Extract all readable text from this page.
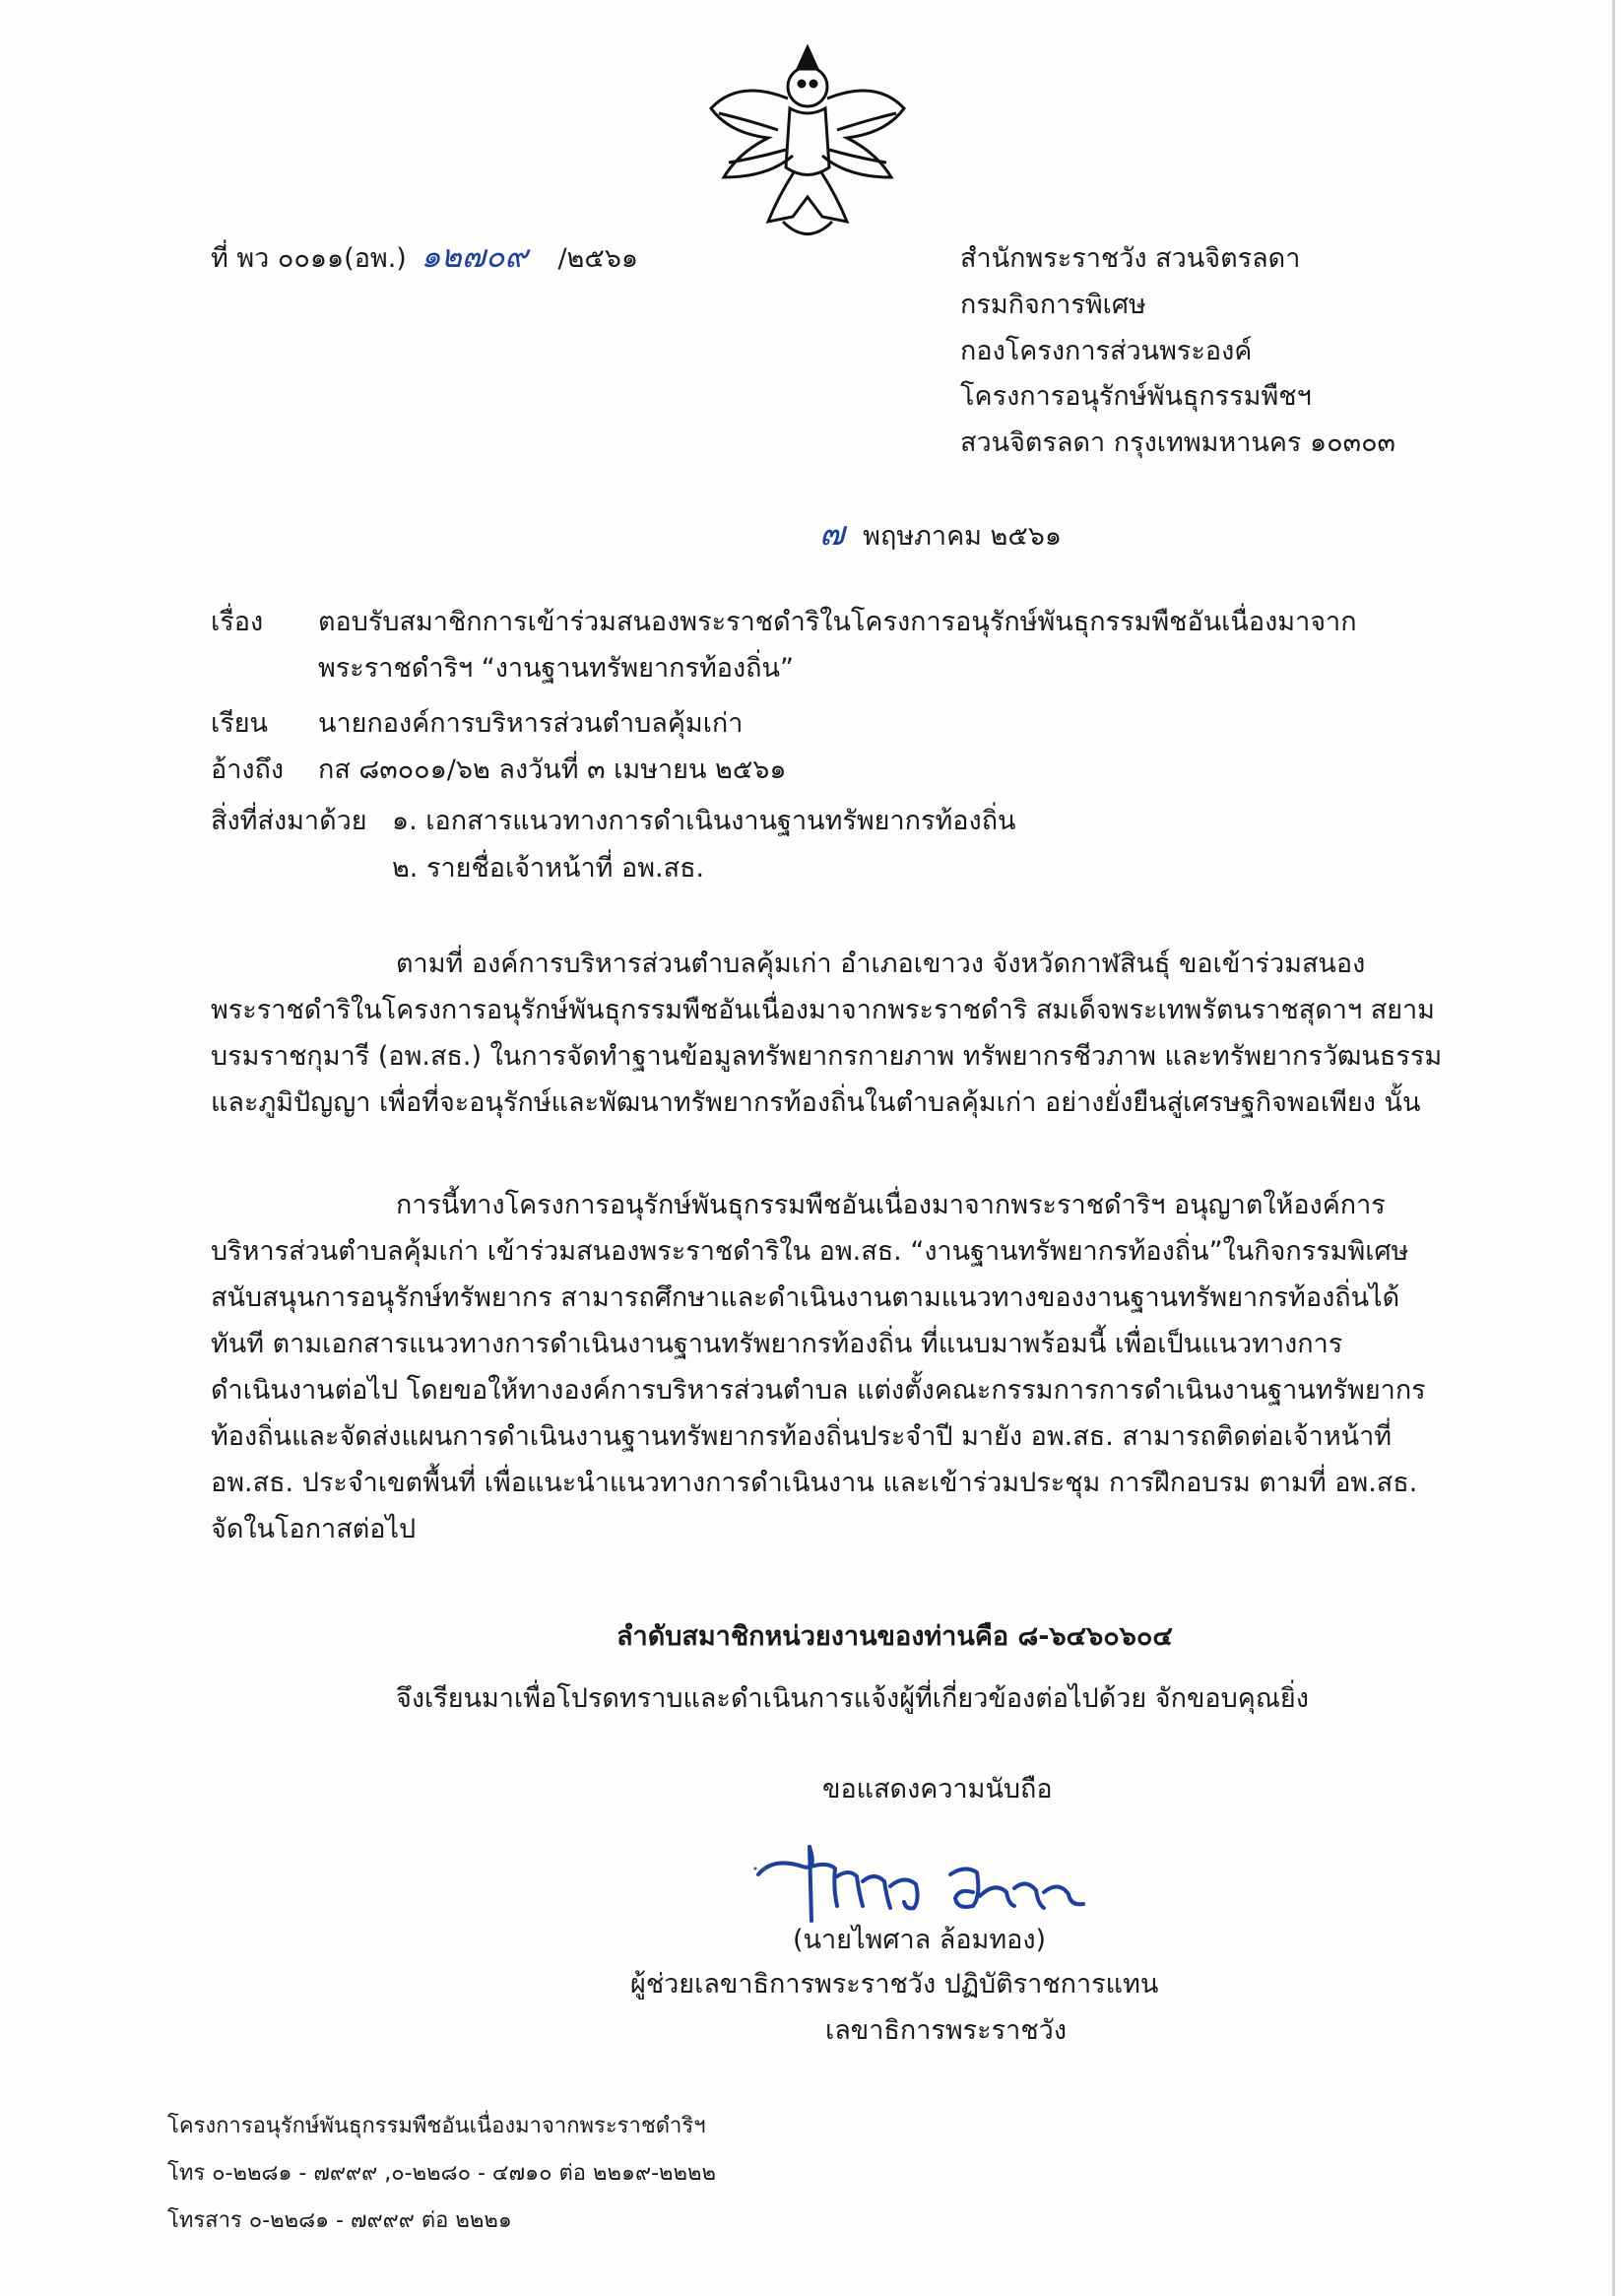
ที่ พว ๐๐๑๑(อพ.) ๑๒๗๐๙ /๒๕๖๑	สำนักพระราชวัง สวนจิตรลดา
กรมกิจการพิเศษ
กองโครงการส่วนพระองค์
โครงการอนุรักษ์พันธุกรรมพืชฯ
สวนจิตรลดา กรุงเทพมหานคร ๑๐๓๐๓
๗ พฤษภาคม ๒๕๖๑
เรื่อง ตอบรับสมาชิกการเข้าร่วมสนองพระราชดำริในโครงการอนุรักษ์พันธุกรรมพืชอันเนื่องมาจาก
พระราชดำริฯ “งานฐานทรัพยากรท้องถิ่น”
เรียน นายกองค์การบริหารส่วนตำบลคุ้มเก่า
อ้างถึง กส ๘๓๐๐๑/๖๒ ลงวันที่ ๓ เมษายน ๒๕๖๑
สิ่งที่ส่งมาด้วย ๑. เอกสารแนวทางการดำเนินงานฐานทรัพยากรท้องถิ่น
๒. รายชื่อเจ้าหน้าที่ อพ.สธ.
ตามที่ องค์การบริหารส่วนตำบลคุ้มเก่า อำเภอเขาวง จังหวัดกาฬสินธุ์ ขอเข้าร่วมสนอง
พระราชดำริในโครงการอนุรักษ์พันธุกรรมพืชอันเนื่องมาจากพระราชดำริ สมเด็จพระเทพรัตนราชสุดาฯ สยาม
บรมราชกุมารี (อพ.สธ.) ในการจัดทำฐานข้อมูลทรัพยากรกายภาพ ทรัพยากรชีวภาพ และทรัพยากรวัฒนธรรม
และภูมิปัญญา เพื่อที่จะอนุรักษ์และพัฒนาทรัพยากรท้องถิ่นในตำบลคุ้มเก่า อย่างยั่งยืนสู่เศรษฐกิจพอเพียง นั้น
การนี้ทางโครงการอนุรักษ์พันธุกรรมพืชอันเนื่องมาจากพระราชดำริฯ อนุญาตให้องค์การ
บริหารส่วนตำบลคุ้มเก่า เข้าร่วมสนองพระราชดำริใน อพ.สธ. “งานฐานทรัพยากรท้องถิ่น”ในกิจกรรมพิเศษ
สนับสนุนการอนุรักษ์ทรัพยากร สามารถศึกษาและดำเนินงานตามแนวทางของงานฐานทรัพยากรท้องถิ่นได้
ทันที ตามเอกสารแนวทางการดำเนินงานฐานทรัพยากรท้องถิ่น ที่แนบมาพร้อมนี้ เพื่อเป็นแนวทางการ
ดำเนินงานต่อไป โดยขอให้ทางองค์การบริหารส่วนตำบล แต่งตั้งคณะกรรมการการดำเนินงานฐานทรัพยากร
ท้องถิ่นและจัดส่งแผนการดำเนินงานฐานทรัพยากรท้องถิ่นประจำปี มายัง อพ.สธ. สามารถติดต่อเจ้าหน้าที่
อพ.สธ. ประจำเขตพื้นที่ เพื่อแนะนำแนวทางการดำเนินงาน และเข้าร่วมประชุม การฝึกอบรม ตามที่ อพ.สธ.
จัดในโอกาสต่อไป
ลำดับสมาชิกหน่วยงานของท่านคือ ๘-๖๔๖๐๖๐๔
จึงเรียนมาเพื่อโปรดทราบและดำเนินการแจ้งผู้ที่เกี่ยวข้องต่อไปด้วย จักขอบคุณยิ่ง
ขอแสดงความนับถือ
(นายไพศาล ล้อมทอง)
ผู้ช่วยเลขาธิการพระราชวัง ปฏิบัติราชการแทน
เลขาธิการพระราชวัง
โครงการอนุรักษ์พันธุกรรมพืชอันเนื่องมาจากพระราชดำริฯ
โทร ๐-๒๒๘๑ - ๗๙๙๙ ,๐-๒๒๘๐ - ๔๗๑๐ ต่อ ๒๒๑๙-๒๒๒๒
โทรสาร ๐-๒๒๘๑ - ๗๙๙๙ ต่อ ๒๒๒๑
